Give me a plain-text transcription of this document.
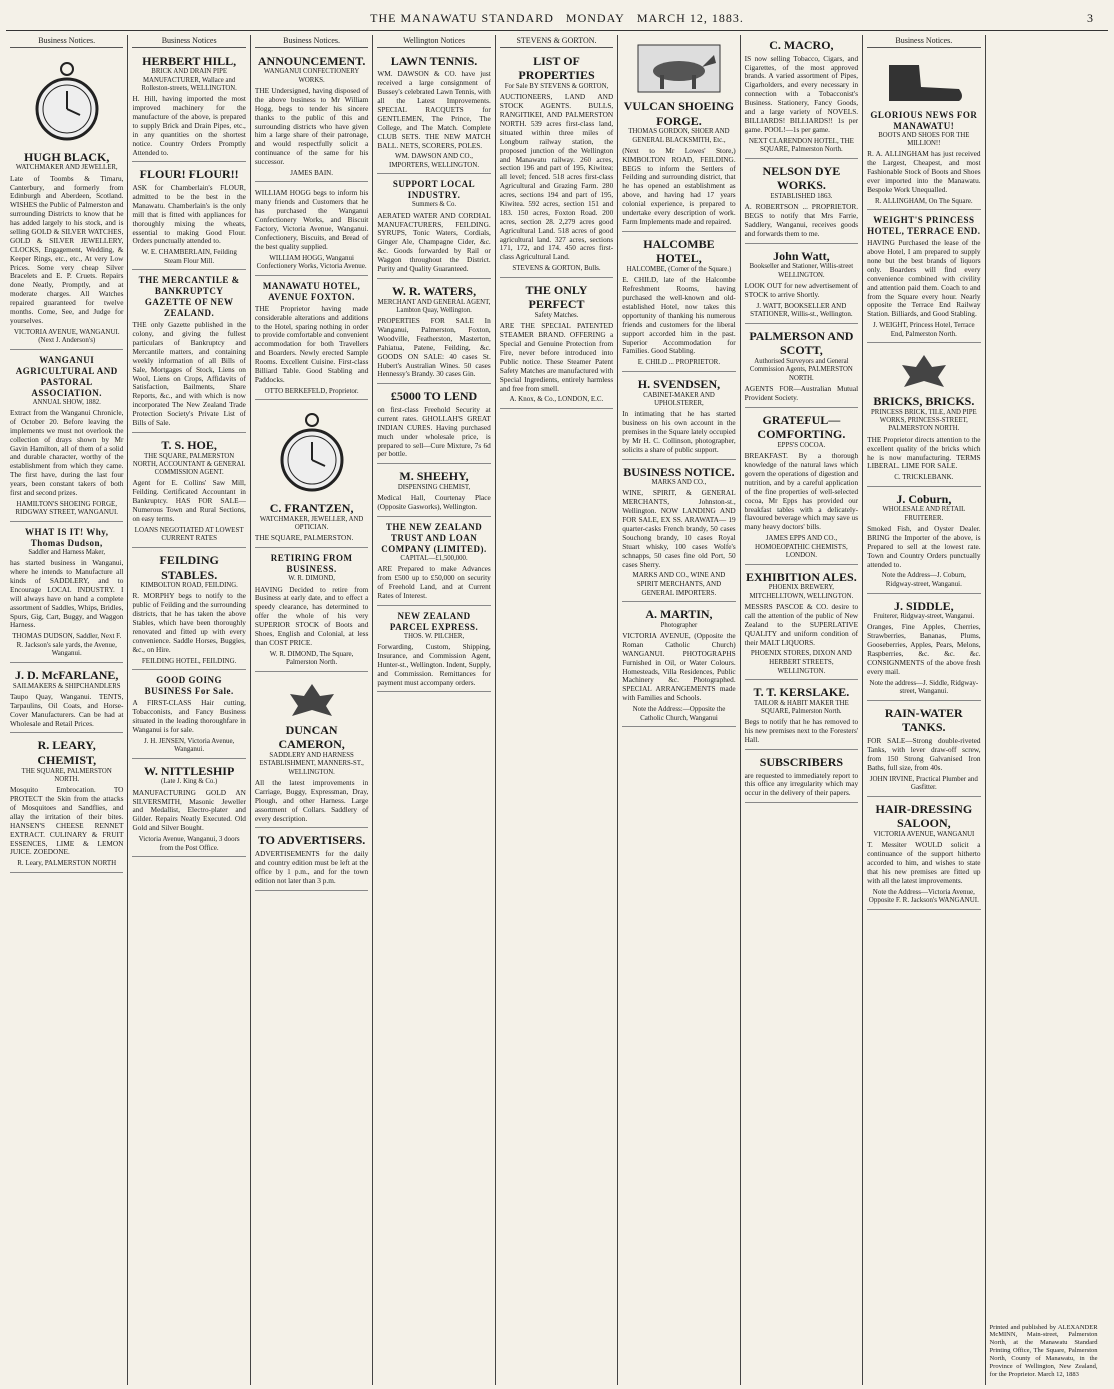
THE MANAWATU STANDARD MONDAY MARCH 12, 1883.	3
Business Notices.
HUGH BLACK,
WATCHMAKER AND JEWELLER,
Late of Toombs & Timaru, Canterbury, and formerly from Edinburgh and Aberdeen, Scotland. WISHES the Public of Palmerston and surrounding Districts to know that he has added largely to his stock, and is selling GOLD & SILVER WATCHES, GOLD & SILVER JEWELLERY, CLOCKS, Engagement, Wedding, & Keeper Rings, etc., etc., At very Low Prices. Some very cheap Silver Bracelets and E. P. Cruets. Repairs done Neatly, Promptly, and at moderate charges. All Watches repaired guaranteed for twelve months. Come, See, and Judge for yourselves.
VICTORIA AVENUE, WANGANUI. (Next J. Anderson's)
WANGANUI AGRICULTURAL AND PASTORAL ASSOCIATION.
ANNUAL SHOW, 1882.
Extract from the Wanganui Chronicle, of October 20. Before leaving the implements we must not overlook the collection of drays shown by Mr Gavin Hamilton, all of them of a solid and durable character, worthy of the establishment from which they came. The first have, during the last four years, been constant takers of both first and second prizes.
HAMILTON'S SHOEING FORGE, RIDGWAY STREET, WANGANUI.
WHAT IS IT! Why, Thomas Dudson,
Saddler and Harness Maker,
has started business in Wanganui, where he intends to Manufacture all kinds of SADDLERY, and to Encourage LOCAL INDUSTRY. I will always have on hand a complete assortment of Saddles, Whips, Bridles, Spurs, Gig, Cart, Buggy, and Waggon Harness.
THOMAS DUDSON, Saddler, Next F. R. Jackson's sale yards, the Avenue, Wanganui.
J. D. McFARLANE,
SAILMAKERS & SHIPCHANDLERS
Taupo Quay, Wanganui. TENTS, Tarpaulins, Oil Coats, and Horse-Cover Manufacturers. Can be had at Wholesale and Retail Prices.
R. LEARY, CHEMIST,
THE SQUARE, PALMERSTON NORTH.
Mosquito Embrocation. TO PROTECT the Skin from the attacks of Mosquitoes and Sandflies, and allay the irritation of their bites. HANSEN'S CHEESE RENNET EXTRACT. CULINARY & FRUIT ESSENCES, LIME & LEMON JUICE. ZOEDONE.
R. Leary, PALMERSTON NORTH
Business Notices
HERBERT HILL,
BRICK AND DRAIN PIPE MANUFACTURER, Wallace and Rolleston-streets, WELLINGTON.
H. Hill, having imported the most improved machinery for the manufacture of the above, is prepared to supply Brick and Drain Pipes, etc., in any quantities on the shortest notice. Country Orders Promptly Attended to.
FLOUR! FLOUR!!
ASK for Chamberlain's FLOUR, admitted to be the best in the Manawatu. Chamberlain's is the only mill that is fitted with appliances for thoroughly mixing the wheats, essential to making Good Flour. Orders punctually attended to.
W. E. CHAMBERLAIN, Feilding Steam Flour Mill.
THE MERCANTILE & BANKRUPTCY GAZETTE OF NEW ZEALAND.
THE only Gazette published in the colony, and giving the fullest particulars of Bankruptcy and Mercantile matters, and containing weekly information of all Bills of Sale, Mortgages of Stock, Liens on Wool, Liens on Crops, Affidavits of Satisfaction, Bailments, Share Reports, &c., and with which is now incorporated The New Zealand Trade Protection Society's Private List of Bills of Sale.
T. S. HOE,
THE SQUARE, PALMERSTON NORTH, ACCOUNTANT & GENERAL COMMISSION AGENT.
Agent for E. Collins' Saw Mill, Feilding. Certificated Accountant in Bankruptcy. HAS FOR SALE—Numerous Town and Rural Sections, on easy terms.
LOANS NEGOTIATED AT LOWEST CURRENT RATES
FEILDING STABLES.
KIMBOLTON ROAD, FEILDING.
R. MORPHY begs to notify to the public of Feilding and the surrounding districts, that he has taken the above Stables, which have been thoroughly renovated and fitted up with every convenience. Saddle Horses, Buggies, &c., on Hire.
FEILDING HOTEL, FEILDING.
GOOD GOING BUSINESS For Sale.
A FIRST-CLASS Hair cutting, Tobacconists, and Fancy Business situated in the leading thoroughfare in Wanganui is for sale.
J. H. JENSEN, Victoria Avenue, Wanganui.
W. NITTLESHIP
(Late J. King & Co.)
MANUFACTURING GOLD AN SILVERSMITH, Masonic Jeweller and Medallist, Electro-plater and Gilder. Repairs Neatly Executed. Old Gold and Silver Bought.
Victoria Avenue, Wanganui, 3 doors from the Post Office.
Business Notices.
ANNOUNCEMENT.
WANGANUI CONFECTIONERY WORKS.
THE Undersigned, having disposed of the above business to Mr William Hogg, begs to tender his sincere thanks to the public of this and surrounding districts who have given him a large share of their patronage, and would respectfully solicit a continuance of the same for his successor.
JAMES BAIN.
WILLIAM HOGG begs to inform his many friends and Customers that he has purchased the Wanganui Confectionery Works, and Biscuit Factory, Victoria Avenue, Wanganui. Confectionery, Biscuits, and Bread of the best quality supplied.
WILLIAM HOGG, Wanganui Confectionery Works, Victoria Avenue.
MANAWATU HOTEL, AVENUE FOXTON.
THE Proprietor having made considerable alterations and additions to the Hotel, sparing nothing in order to provide comfortable and convenient accommodation for both Travellers and Boarders. Newly erected Sample Rooms. Excellent Cuisine. First-class Billiard Table. Good Stabling and Paddocks.
OTTO BERKEFELD, Proprietor.
C. FRANTZEN,
WATCHMAKER, JEWELLER, AND OPTICIAN.
THE SQUARE, PALMERSTON.
RETIRING FROM BUSINESS.
W. R. DIMOND,
HAVING Decided to retire from Business at early date, and to effect a speedy clearance, has determined to offer the whole of his very SUPERIOR STOCK of Boots and Shoes, English and Colonial, at less than COST PRICE.
W. R. DIMOND, The Square, Palmerston North.
DUNCAN CAMERON,
SADDLERY AND HARNESS ESTABLISHMENT, MANNERS-ST., WELLINGTON.
All the latest improvements in Carriage, Buggy, Expressman, Dray, Plough, and other Harness. Large assortment of Collars. Saddlery of every description.
TO ADVERTISERS.
ADVERTISEMENTS for the daily and country edition must be left at the office by 1 p.m., and for the town edition not later than 3 p.m.
Wellington Notices
LAWN TENNIS.
WM. DAWSON & CO. have just received a large consignment of Bussey's celebrated Lawn Tennis, with all the Latest Improvements. SPECIAL RACQUETS for GENTLEMEN, The Prince, The College, and The Match. Complete CLUB SETS. THE NEW MATCH BALL. NETS, SCORERS, POLES.
WM. DAWSON AND CO., IMPORTERS, WELLINGTON.
SUPPORT LOCAL INDUSTRY.
Summers & Co.
AERATED WATER AND CORDIAL MANUFACTURERS, FEILDING. SYRUPS, Tonic Waters, Cordials, Ginger Ale, Champagne Cider, &c. &c. Goods forwarded by Rail or Waggon throughout the District. Purity and Quality Guaranteed.
W. R. WATERS,
MERCHANT AND GENERAL AGENT, Lambton Quay, Wellington.
PROPERTIES FOR SALE In Wanganui, Palmerston, Foxton, Woodville, Featherston, Masterton, Pahiatua, Patene, Feilding, &c. GOODS ON SALE: 40 cases St. Hubert's Australian Wines. 50 cases Hennessy's Brandy. 30 cases Gin.
£5000 TO LEND
on first-class Freehold Security at current rates. GHOLLAH'S GREAT INDIAN CURES. Having purchased much under wholesale price, is prepared to sell—Cure Mixture, 7s 6d per bottle.
M. SHEEHY,
DISPENSING CHEMIST,
Medical Hall, Courtenay Place (Opposite Gasworks), Wellington.
THE NEW ZEALAND TRUST AND LOAN COMPANY (LIMITED).
CAPITAL—£1,500,000.
ARE Prepared to make Advances from £500 up to £50,000 on security of Freehold Land, and at Current Rates of Interest.
NEW ZEALAND PARCEL EXPRESS.
THOS. W. PILCHER,
Forwarding, Custom, Shipping, Insurance, and Commission Agent, Hunter-st., Wellington. Indent, Supply, and Commission. Remittances for payment must accompany orders.
STEVENS & GORTON.
LIST OF PROPERTIES
For Sale BY STEVENS & GORTON,
AUCTIONEERS, LAND AND STOCK AGENTS. BULLS, RANGITIKEI, AND PALMERSTON NORTH. 539 acres first-class land, situated within three miles of Longburn railway station, the proposed junction of the Wellington and Manawatu railway. 260 acres, section 196 and part of 195, Kiwitea; all level; fenced. 518 acres first-class Agricultural and Grazing Farm. 280 acres, sections 194 and part of 195, Kiwitea. 592 acres, section 151 and 183. 150 acres, Foxton Road. 200 acres, section 28. 2,279 acres good Agricultural Land. 518 acres of good agricultural land. 327 acres, sections 171, 172, and 174. 450 acres first-class Agricultural Land.
STEVENS & GORTON, Bulls.
THE ONLY PERFECT
Safety Matches.
ARE THE SPECIAL PATENTED STEAMER BRAND. OFFERING a Special and Genuine Protection from Fire, never before introduced into Public notice. These Steamer Patent Safety Matches are manufactured with Special Ingredients, entirely harmless and free from smell.
A. Knox, & Co., LONDON, E.C.
VULCAN SHOEING FORGE.
THOMAS GORDON, SHOER AND GENERAL BLACKSMITH, Etc.,
(Next to Mr Lowes' Store,) KIMBOLTON ROAD, FEILDING. BEGS to inform the Settlers of Feilding and surrounding district, that he has opened an establishment as above, and having had 17 years colonial experience, is prepared to undertake every description of work. Farm Implements made and repaired.
HALCOMBE HOTEL,
HALCOMBE, (Corner of the Square.)
E. CHILD, late of the Halcombe Refreshment Rooms, having purchased the well-known and old-established Hotel, now takes this opportunity of thanking his numerous friends and customers for the liberal support accorded him in the past. Superior Accommodation for Families. Good Stabling.
E. CHILD ... PROPRIETOR.
H. SVENDSEN,
CABINET-MAKER AND UPHOLSTERER,
In intimating that he has started business on his own account in the premises in the Square lately occupied by Mr H. C. Collinson, photographer, solicits a share of public support.
BUSINESS NOTICE.
MARKS AND CO.,
WINE, SPIRIT, & GENERAL MERCHANTS, Johnston-st., Wellington. NOW LANDING AND FOR SALE, EX SS. ARAWATA— 19 quarter-casks French brandy, 50 cases Souchong brandy, 10 cases Royal Stuart whisky, 100 cases Wolfe's schnapps, 50 cases fine old Port, 50 cases Sherry.
MARKS AND CO., WINE AND SPIRIT MERCHANTS, AND GENERAL IMPORTERS.
A. MARTIN,
Photographer
VICTORIA AVENUE, (Opposite the Roman Catholic Church) WANGANUI. PHOTOGRAPHS Furnished in Oil, or Water Colours. Homesteads, Villa Residences, Public Machinery &c. Photographed. SPECIAL ARRANGEMENTS made with Families and Schools.
Note the Address:—Opposite the Catholic Church, Wanganui
C. MACRO,
IS now selling Tobacco, Cigars, and Cigarettes, of the most approved brands. A varied assortment of Pipes, Cigarholders, and every necessary in connection with a Tobacconist's Business. Stationery, Fancy Goods, and a large variety of NOVELS. BILLIARDS! BILLIARDS!! 1s per game. POOL!—1s per game.
NEXT CLARENDON HOTEL, THE SQUARE, Palmerston North.
NELSON DYE WORKS.
ESTABLISHED 1863.
A. ROBERTSON ... PROPRIETOR. BEGS to notify that Mrs Farrie, Saddlery, Wanganui, receives goods and forwards them to me.
John Watt,
Bookseller and Stationer, Willis-street WELLINGTON.
LOOK OUT for new advertisement of STOCK to arrive Shortly.
J. WATT, BOOKSELLER AND STATIONER, Willis-st., Wellington.
PALMERSON AND SCOTT,
Authorised Surveyors and General Commission Agents, PALMERSTON NORTH.
AGENTS FOR—Australian Mutual Provident Society.
GRATEFUL—COMFORTING.
EPPS'S COCOA.
BREAKFAST. By a thorough knowledge of the natural laws which govern the operations of digestion and nutrition, and by a careful application of the fine properties of well-selected cocoa, Mr Epps has provided our breakfast tables with a delicately-flavoured beverage which may save us many heavy doctors' bills.
JAMES EPPS AND CO., HOMOEOPATHIC CHEMISTS, LONDON.
EXHIBITION ALES.
PHOENIX BREWERY, MITCHELLTOWN, WELLINGTON.
MESSRS PASCOE & CO. desire to call the attention of the public of New Zealand to the SUPERLATIVE QUALITY and uniform condition of their MALT LIQUORS.
PHOENIX STORES, DIXON AND HERBERT STREETS, WELLINGTON.
T. T. KERSLAKE.
TAILOR & HABIT MAKER THE SQUARE, Palmerston North.
Begs to notify that he has removed to his new premises next to the Foresters' Hall.
SUBSCRIBERS
are requested to immediately report to this office any irregularity which may occur in the delivery of their papers.
Business Notices.
GLORIOUS NEWS FOR MANAWATU!
BOOTS AND SHOES FOR THE MILLION!!
R. A. ALLINGHAM has just received the Largest, Cheapest, and most Fashionable Stock of Boots and Shoes ever imported into the Manawatu. Bespoke Work Unequalled.
R. ALLINGHAM, On The Square.
WEIGHT'S PRINCESS HOTEL, TERRACE END.
HAVING Purchased the lease of the above Hotel, I am prepared to supply none but the best brands of liquors only. Boarders will find every convenience combined with civility and attention paid them. Coach to and from the Square every hour. Nearly opposite the Terrace End Railway Station. Billiards, and Good Stabling.
J. WEIGHT, Princess Hotel, Terrace End, Palmerston North.
BRICKS, BRICKS.
PRINCESS BRICK, TILE, AND PIPE WORKS, PRINCESS-STREET, PALMERSTON NORTH.
THE Proprietor directs attention to the excellent quality of the bricks which he is now manufacturing. TERMS LIBERAL. LIME FOR SALE.
C. TRICKLEBANK.
J. Coburn,
WHOLESALE AND RETAIL FRUITERER.
Smoked Fish, and Oyster Dealer. BRING the Importer of the above, is Prepared to sell at the lowest rate. Town and Country Orders punctually attended to.
Note the Address—J. Coburn, Ridgway-street, Wanganui.
J. SIDDLE,
Fruiterer, Ridgway-street, Wanganui.
Oranges, Fine Apples, Cherries, Strawberries, Bananas, Plums, Gooseberries, Apples, Pears, Melons, Raspberries, &c. &c. &c. CONSIGNMENTS of the above fresh every mail.
Note the address—J. Siddle, Ridgway-street, Wanganui.
RAIN-WATER TANKS.
FOR SALE—Strong double-riveted Tanks, with lever draw-off screw, from 150 Strong Galvanised Iron Baths, full size, from 40s.
JOHN IRVINE, Practical Plumber and Gasfitter.
HAIR-DRESSING SALOON,
VICTORIA AVENUE, WANGANUI
T. Messiter WOULD solicit a continuance of the support hitherto accorded to him, and wishes to state that his new premises are fitted up with all the latest improvements.
Note the Address—Victoria Avenue, Opposite F. R. Jackson's WANGANUI.
Printed and published by ALEXANDER McMINN, Main-street, Palmerston North, at the Manawatu Standard Printing Office, The Square, Palmerston North, County of Manawatu, in the Province of Wellington, New Zealand, for the Proprietor. March 12, 1883
